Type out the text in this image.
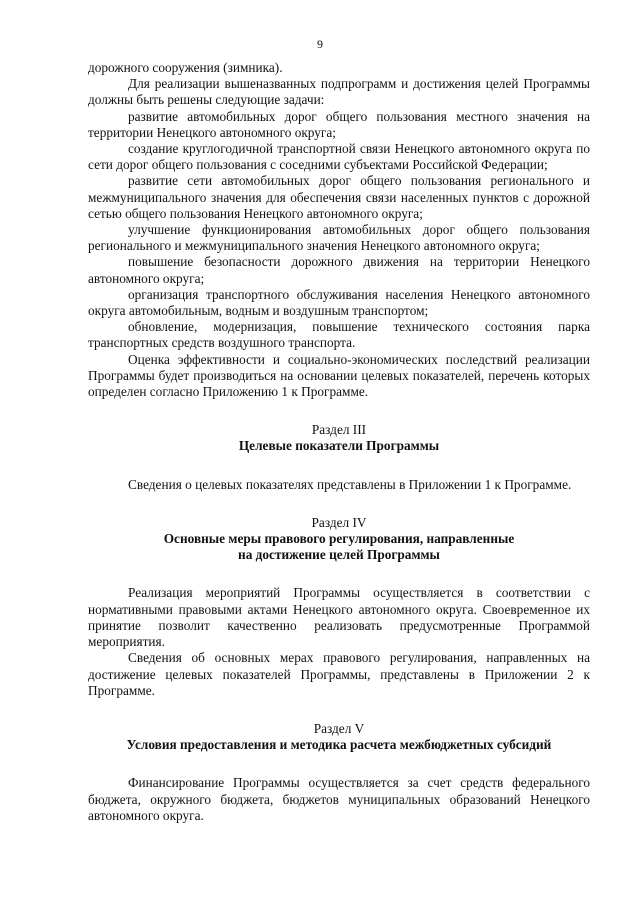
9

дорожного сооружения (зимника).

Для реализации вышеназванных подпрограмм и достижения целей Программы должны быть решены следующие задачи:

развитие автомобильных дорог общего пользования местного значения на территории Ненецкого автономного округа;

создание круглогодичной транспортной связи Ненецкого автономного округа по сети дорог общего пользования с соседними субъектами Российской Федерации;

развитие сети автомобильных дорог общего пользования регионального и межмуниципального значения для обеспечения связи населенных пунктов с дорожной сетью общего пользования Ненецкого автономного округа;

улучшение функционирования автомобильных дорог общего пользования регионального и межмуниципального значения Ненецкого автономного округа;

повышение безопасности дорожного движения на территории Ненецкого автономного округа;

организация транспортного обслуживания населения Ненецкого автономного округа автомобильным, водным и воздушным транспортом;

обновление, модернизация, повышение технического состояния парка транспортных средств воздушного транспорта.

Оценка эффективности и социально-экономических последствий реализации Программы будет производиться на основании целевых показателей, перечень которых определен согласно Приложению 1 к Программе.

Раздел III

Целевые показатели Программы

Сведения о целевых показателях представлены в Приложении 1 к Программе.

Раздел IV

Основные меры правового регулирования, направленные

на достижение целей Программы

Реализация мероприятий Программы осуществляется в соответствии с нормативными правовыми актами Ненецкого автономного округа. Своевременное их принятие позволит качественно реализовать предусмотренные Программой мероприятия.

Сведения об основных мерах правового регулирования, направленных на достижение целевых показателей Программы, представлены в Приложении 2 к Программе.

Раздел V

Условия предоставления и методика расчета межбюджетных субсидий

Финансирование Программы осуществляется за счет средств федерального бюджета, окружного бюджета, бюджетов муниципальных образований Ненецкого автономного округа.
